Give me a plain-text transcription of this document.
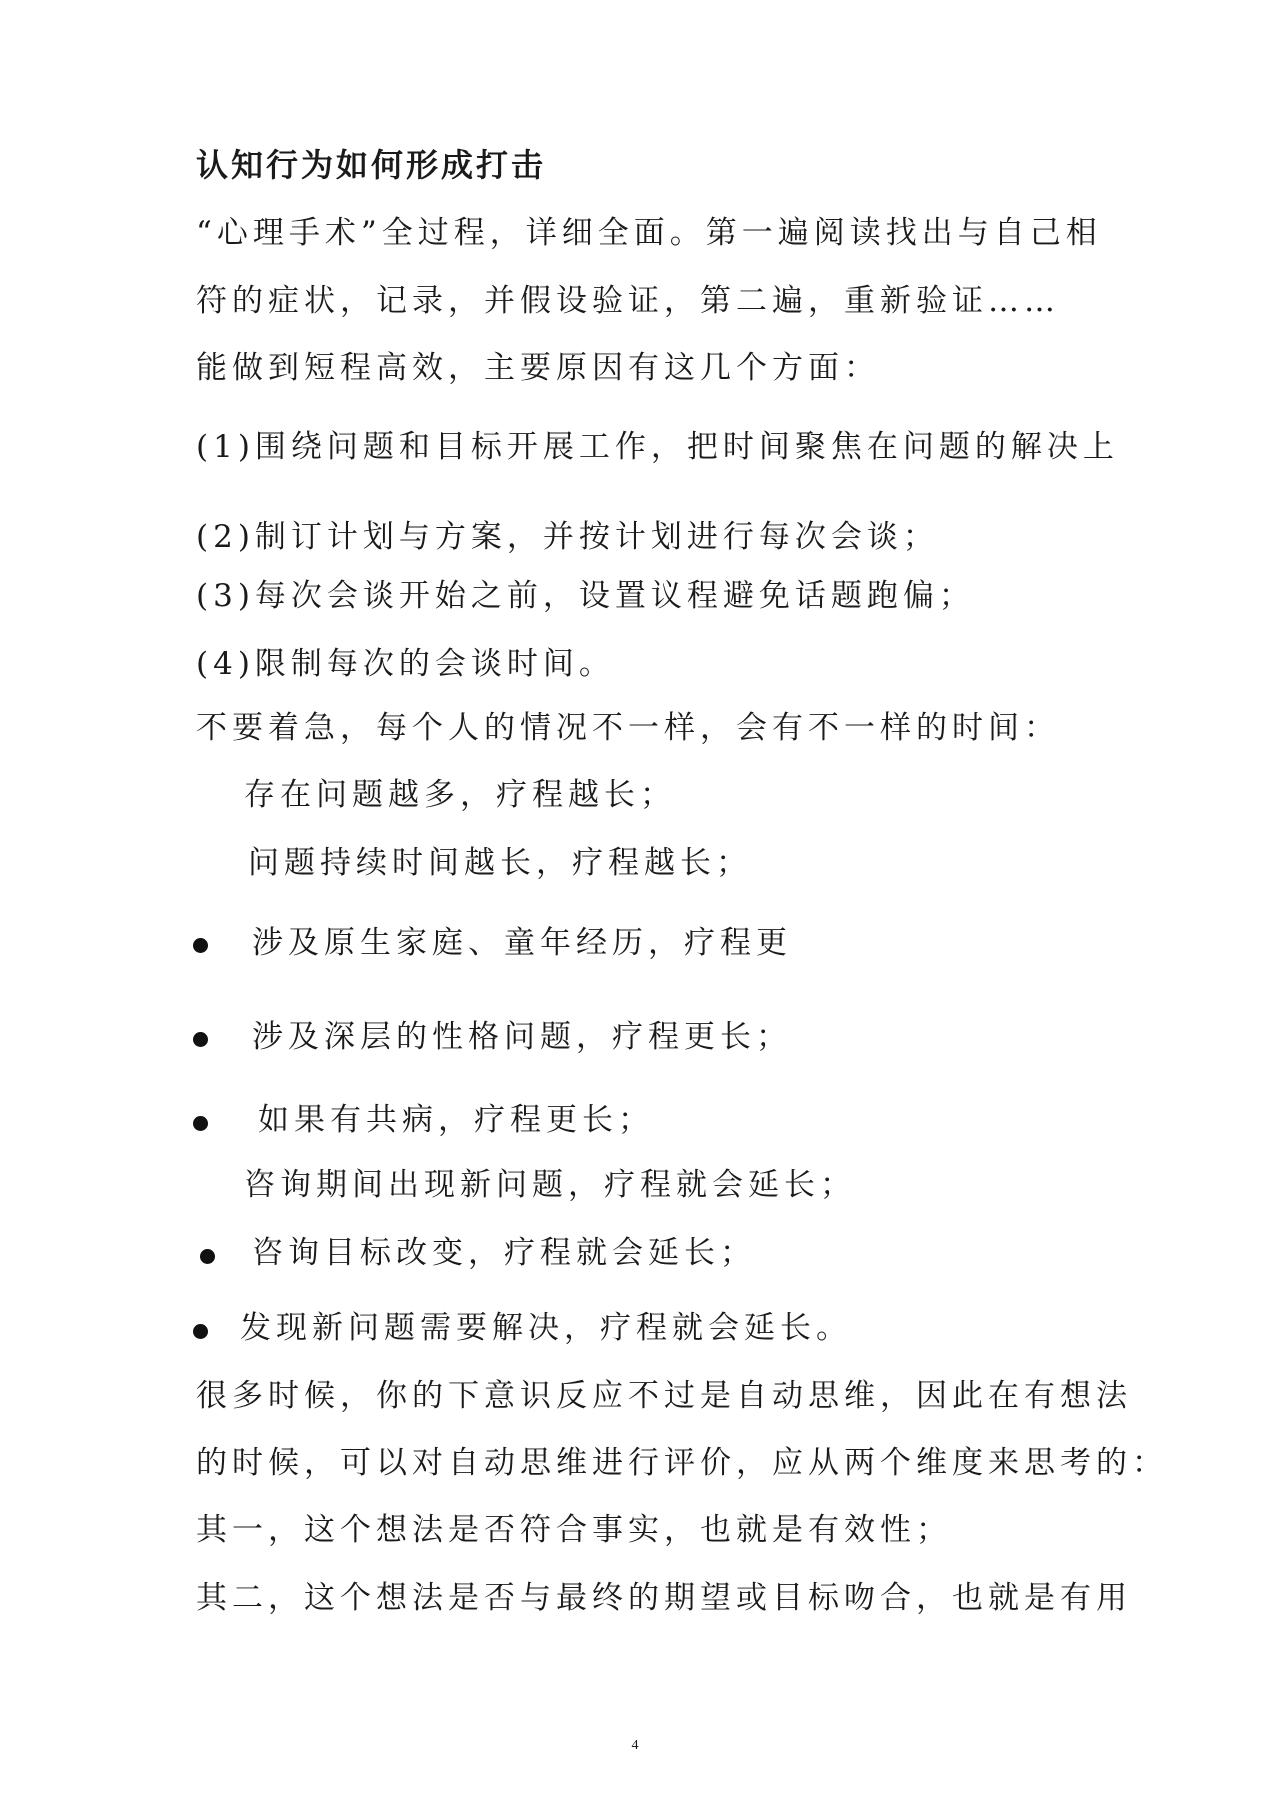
认知行为如何形成打击
“心理手术”全过程，详细全面。第一遍阅读找出与自己相
符的症状，记录，并假设验证，第二遍，重新验证……
能做到短程高效，主要原因有这几个方面：
(1)围绕问题和目标开展工作，把时间聚焦在问题的解决上
(2)制订计划与方案，并按计划进行每次会谈；
(3)每次会谈开始之前，设置议程避免话题跑偏；
(4)限制每次的会谈时间。
不要着急，每个人的情况不一样，会有不一样的时间：
存在问题越多，疗程越长；
问题持续时间越长，疗程越长；
涉及原生家庭、童年经历，疗程更
涉及深层的性格问题，疗程更长；
如果有共病，疗程更长；
咨询期间出现新问题，疗程就会延长；
咨询目标改变，疗程就会延长；
发现新问题需要解决，疗程就会延长。
很多时候，你的下意识反应不过是自动思维，因此在有想法
的时候，可以对自动思维进行评价，应从两个维度来思考的：
其一，这个想法是否符合事实，也就是有效性；
其二，这个想法是否与最终的期望或目标吻合，也就是有用
4
